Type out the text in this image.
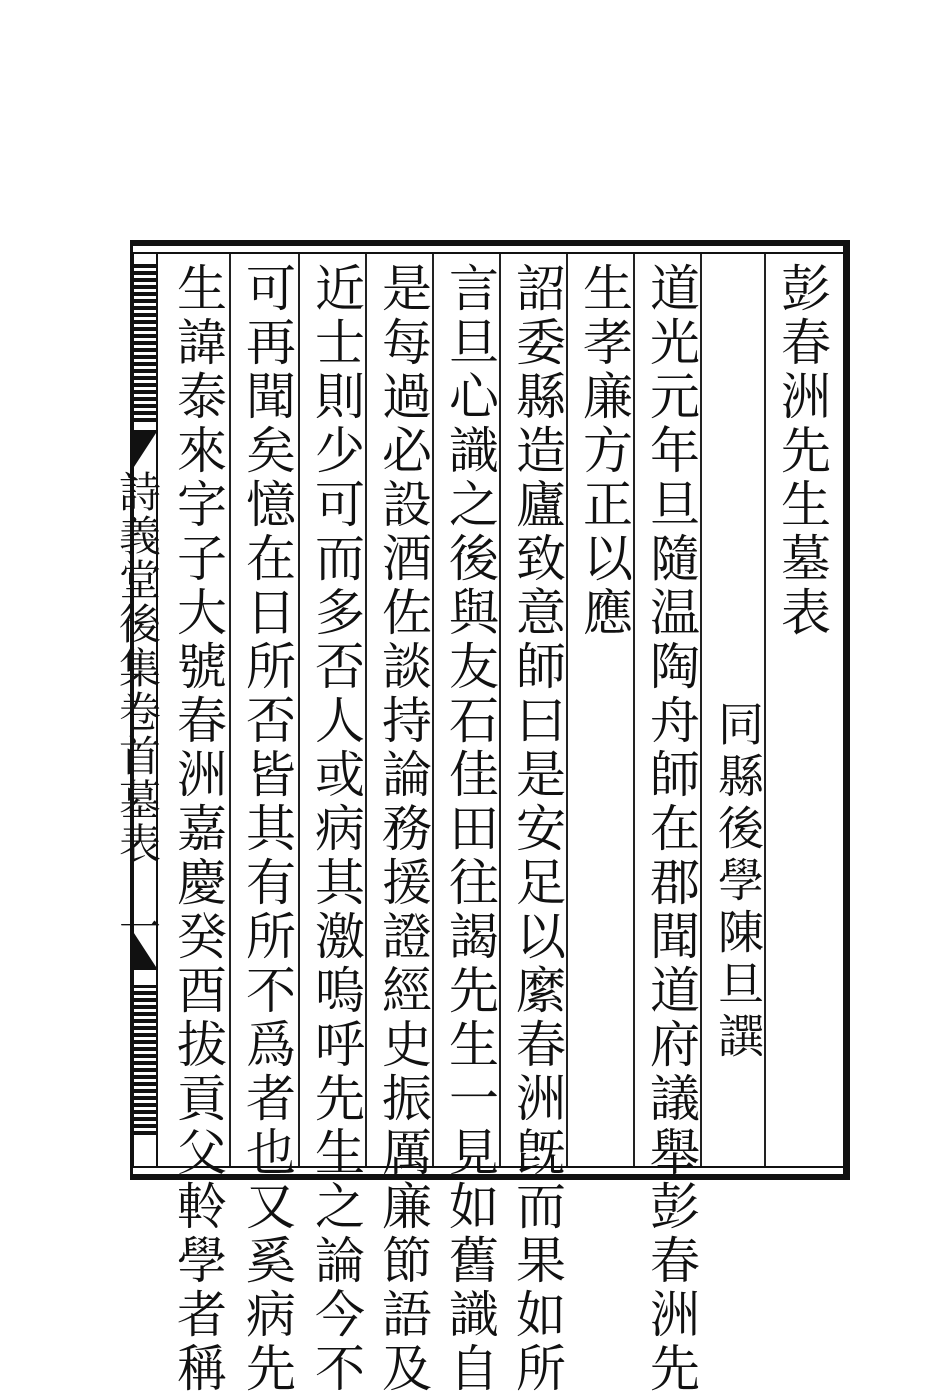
彭春洲先生墓表
同縣後學陳旦譔
道光元年旦隨温陶舟師在郡聞道府議舉彭春洲先
生孝廉方正以應
詔委縣造廬致意師曰是安足以縻春洲旣而果如所
言旦心識之後與友石佳田往謁先生一見如舊識自
是每過必設酒佐談持論務援證經史振厲廉節語及
近士則少可而多否人或病其激嗚呼先生之論今不
可再聞矣憶在日所否皆其有所不爲者也又奚病先
生諱泰來字子大號春洲嘉慶癸酉拔貢父軨學者稱
詩義堂後集卷首墓表
一
